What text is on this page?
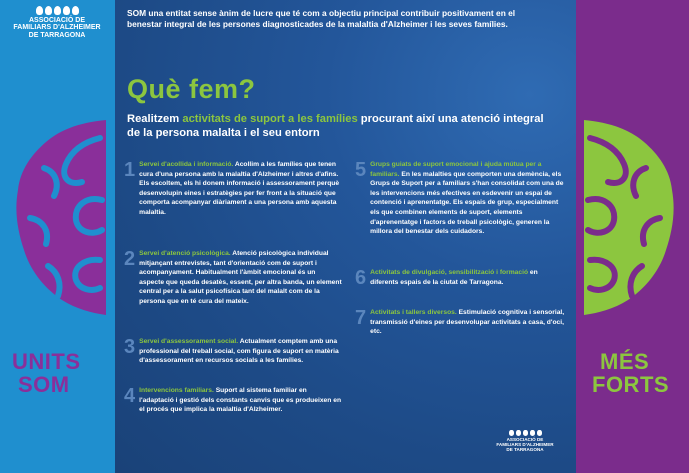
ASSOCIACIÓ DE
FAMILIARS D'ALZHEIMER
DE TARRAGONA
UNITS
SOM
MÉS
FORTS
SOM una entitat sense ànim de lucre que té com a objectiu principal contribuir positivament en el benestar integral de les persones diagnosticades de la malaltia d'Alzheimer i les seves famílies.
Què fem?
Realitzem activitats de suport a les famílies procurant així una atenció integral de la persona malalta i el seu entorn
1 Servei d'acollida i informació. Acollim a les famílies que tenen cura d'una persona amb la malaltia d'Alzheimer i altres d'afins. Els escoltem, els hi donem informació i assessorament perquè desenvolupin eines i estratègies per fer front a la situació que comporta acompanyar diàriament a una persona amb aquesta malaltia.
2 Servei d'atenció psicològica. Atenció psicològica individual mitjançant entrevistes, tant d'orientació com de suport i acompanyament. Habitualment l'àmbit emocional és un aspecte que queda desatès, essent, per altra banda, un element central per a la salut psicofísica tant del malalt com de la persona que en té cura del mateix.
3 Servei d'assessorament social. Actualment comptem amb una professional del treball social, com figura de suport en matèria d'assessorament en recursos socials a les famílies.
4 Intervencions familiars. Suport al sistema familiar en l'adaptació i gestió dels constants canvis que es produeixen en el procés que implica la malaltia d'Alzheimer.
5 Grups guiats de suport emocional i ajuda mútua per a familiars. En les malalties que comporten una demència, els Grups de Suport per a familiars s'han consolidat com una de les intervencions més efectives en esdevenir un espai de contenció i aprenentatge. Els espais de grup, especialment els que combinen elements de suport, elements d'aprenentatge i factors de treball psicològic, generen la millora del benestar dels cuidadors.
6 Activitats de divulgació, sensibilització i formació en diferents espais de la ciutat de Tarragona.
7 Activitats i tallers diversos. Estimulació cognitiva i sensorial, transmissió d'eines per desenvolupar activitats a casa, d'oci, etc.
ASSOCIACIÓ DE
FAMILIARS D'ALZHEIMER
DE TARRAGONA
